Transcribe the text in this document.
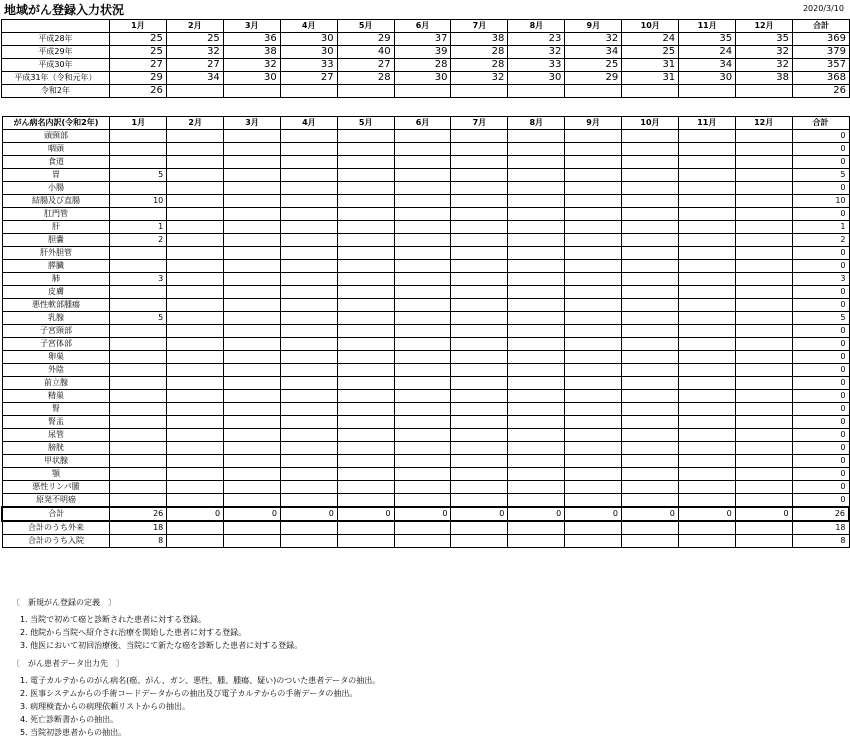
地域がん登録入力状況	2020/3/10
	1月	2月	3月	4月	5月	6月	7月	8月	9月	10月	11月	12月	合計
平成28年	25	25	36	30	29	37	38	23	32	24	35	35	369
平成29年	25	32	38	30	40	39	28	32	34	25	24	32	379
平成30年	27	27	32	33	27	28	28	33	25	31	34	32	357
平成31年（令和元年）	29	34	30	27	28	30	32	30	29	31	30	38	368
令和2年	26												26
がん病名内訳(令和2年)	1月	2月	3月	4月	5月	6月	7月	8月	9月	10月	11月	12月	合計
頭頸部													0
咽頭													0
食道													0
胃	5												5
小腸													0
結腸及び直腸	10												10
肛門管													0
肝	1												1
胆嚢	2												2
肝外胆管													0
膵臓													0
肺	3												3
皮膚													0
悪性軟部腫瘍													0
乳腺	5												5
子宮頸部													0
子宮体部													0
卵巣													0
外陰													0
前立腺													0
精巣													0
腎													0
腎盂													0
尿管													0
膀胱													0
甲状腺													0
顎													0
悪性リンパ腫													0
原発不明癌													0
合計	26	0	0	0	0	0	0	0	0	0	0	0	26
合計のうち外来	18												18
合計のうち入院	8												8
〔　新規がん登録の定義　〕
1. 当院で初めて癌と診断された患者に対する登録。
2. 他院から当院へ紹介され治療を開始した患者に対する登録。
3. 他医において初回治療後、当院にて新たな癌を診断した患者に対する登録。
〔　がん患者データ出力先　〕
1. 電子カルテからのがん病名(癌、がん、ガン、悪性、腫、腫瘍、疑い)のついた患者データの抽出。
2. 医事システムからの手術コードデータからの抽出及び電子カルテからの手術データの抽出。
3. 病理検査からの病理依頼リストからの抽出。
4. 死亡診断書からの抽出。
5. 当院初診患者からの抽出。
